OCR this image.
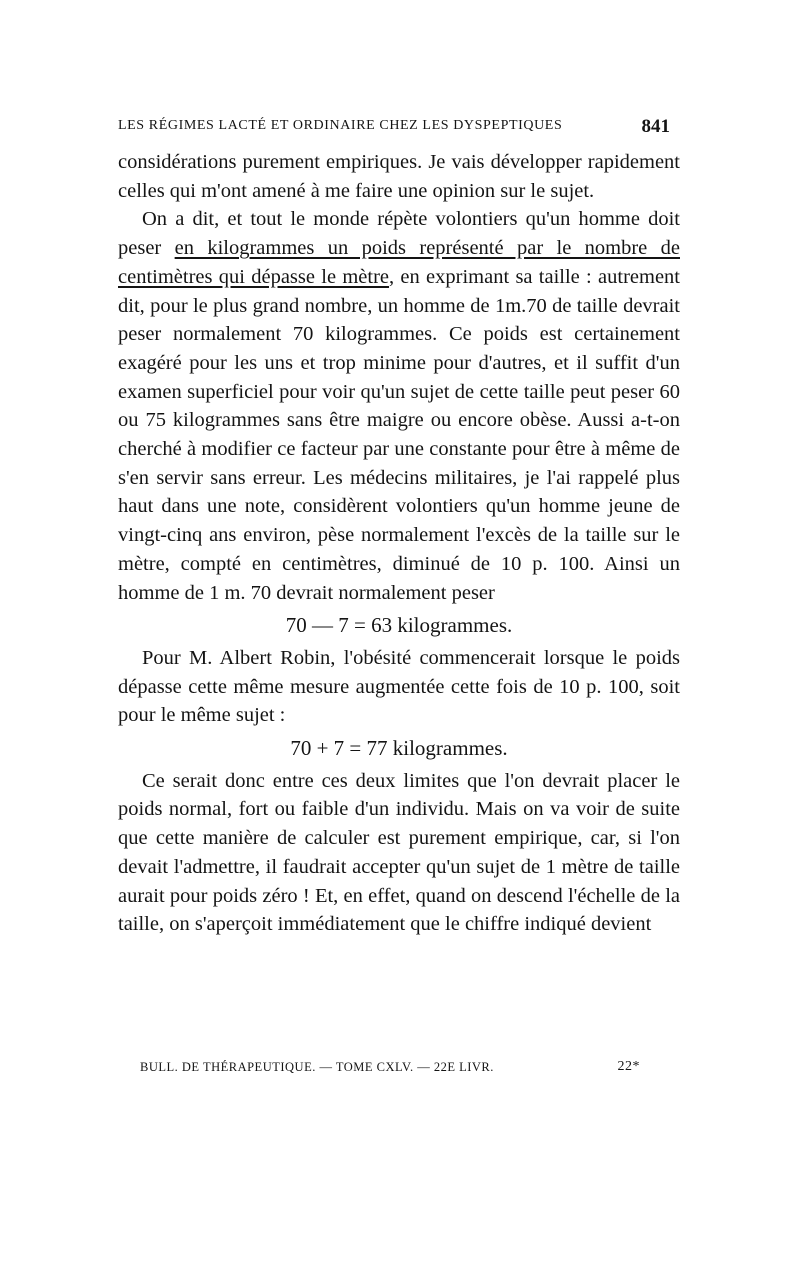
LES RÉGIMES LACTÉ ET ORDINAIRE CHEZ LES DYSPEPTIQUES	841

considérations purement empiriques. Je vais développer rapidement celles qui m'ont amené à me faire une opinion sur le sujet.

On a dit, et tout le monde répète volontiers qu'un homme doit peser en kilogrammes un poids représenté par le nombre de centimètres qui dépasse le mètre, en exprimant sa taille : autrement dit, pour le plus grand nombre, un homme de 1m.70 de taille devrait peser normalement 70 kilogrammes. Ce poids est certainement exagéré pour les uns et trop minime pour d'autres, et il suffit d'un examen superficiel pour voir qu'un sujet de cette taille peut peser 60 ou 75 kilogrammes sans être maigre ou encore obèse. Aussi a-t-on cherché à modifier ce facteur par une constante pour être à même de s'en servir sans erreur. Les médecins militaires, je l'ai rappelé plus haut dans une note, considèrent volontiers qu'un homme jeune de vingt-cinq ans environ, pèse normalement l'excès de la taille sur le mètre, compté en centimètres, diminué de 10 p. 100. Ainsi un homme de 1 m. 70 devrait normalement peser

70 — 7 = 63 kilogrammes.

Pour M. Albert Robin, l'obésité commencerait lorsque le poids dépasse cette même mesure augmentée cette fois de 10 p. 100, soit pour le même sujet :

70 + 7 = 77 kilogrammes.

Ce serait donc entre ces deux limites que l'on devrait placer le poids normal, fort ou faible d'un individu. Mais on va voir de suite que cette manière de calculer est purement empirique, car, si l'on devait l'admettre, il faudrait accepter qu'un sujet de 1 mètre de taille aurait pour poids zéro ! Et, en effet, quand on descend l'échelle de la taille, on s'aperçoit immédiatement que le chiffre indiqué devient

BULL. DE THÉRAPEUTIQUE. — TOME CXLV. — 22E LIVR.	22*
